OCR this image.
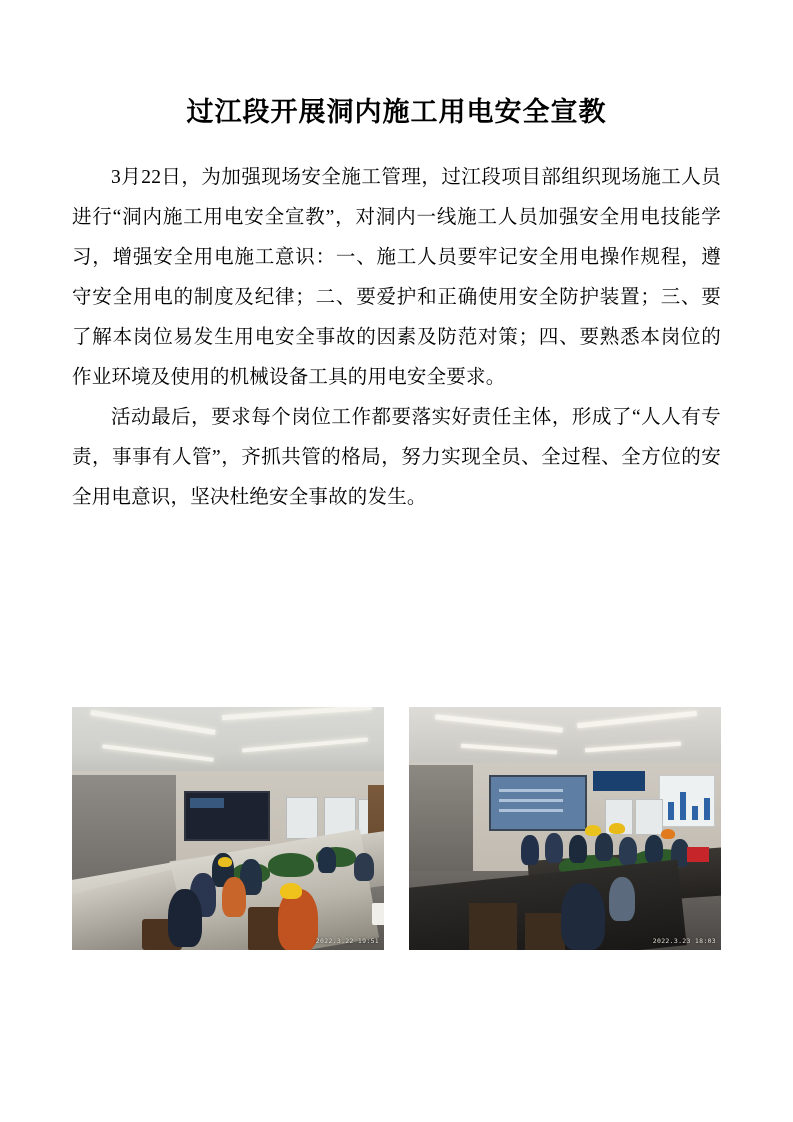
过江段开展洞内施工用电安全宣教

3月22日，为加强现场安全施工管理，过江段项目部组织现场施工人员进行“洞内施工用电安全宣教”，对洞内一线施工人员加强安全用电技能学习，增强安全用电施工意识：一、施工人员要牢记安全用电操作规程，遵守安全用电的制度及纪律；二、要爱护和正确使用安全防护装置；三、要了解本岗位易发生用电安全事故的因素及防范对策；四、要熟悉本岗位的作业环境及使用的机械设备工具的用电安全要求。

活动最后，要求每个岗位工作都要落实好责任主体，形成了“人人有专责，事事有人管”，齐抓共管的格局，努力实现全员、全过程、全方位的安全用电意识，坚决杜绝安全事故的发生。

2022.3.22 19:51	2022.3.23 18:03
